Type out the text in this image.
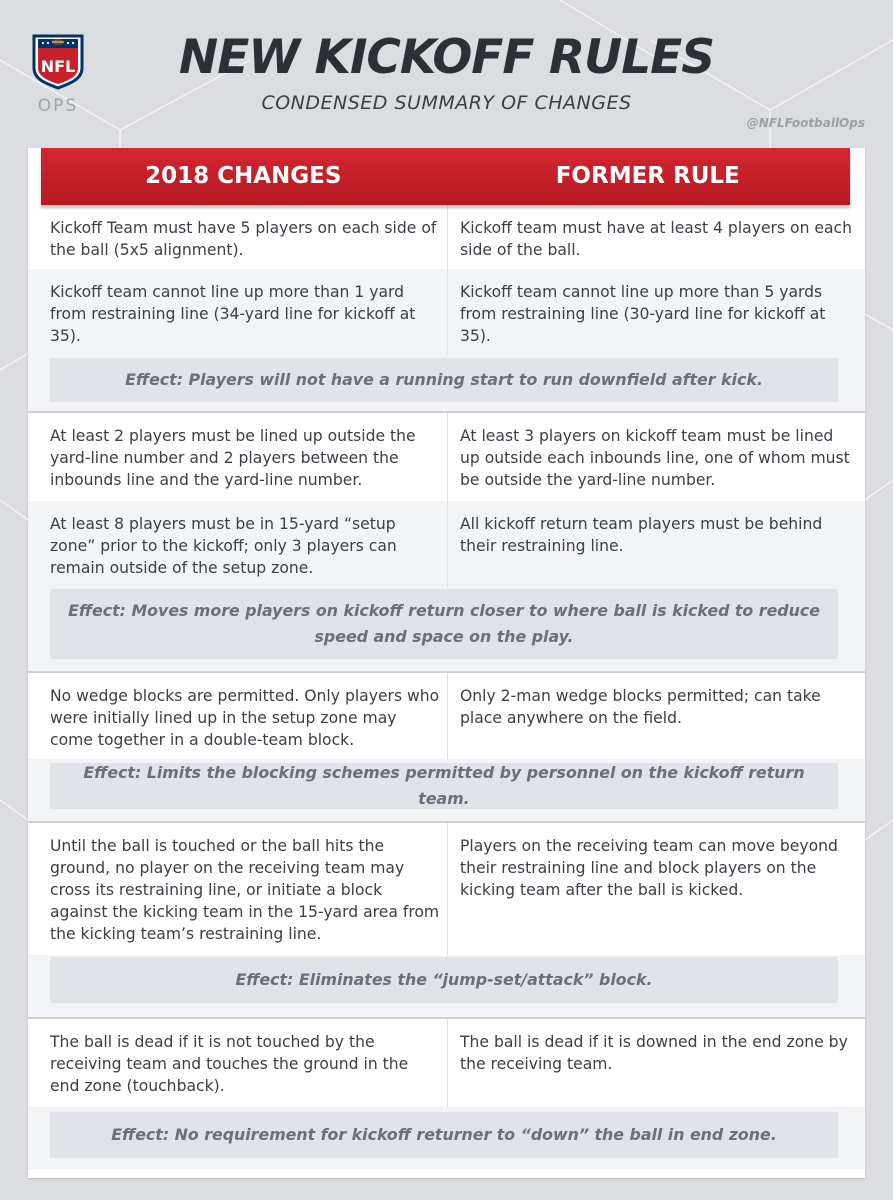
NFL
OPS
NEW KICKOFF RULES
CONDENSED SUMMARY OF CHANGES
@NFLFootballOps
Kickoff Team must have 5 players on each side of the ball (5x5 alignment).
Kickoff team must have at least 4 players on each side of the ball.
Kickoff team cannot line up more than 1 yard from restraining line (34-yard line for kickoff at 35).
Kickoff team cannot line up more than 5 yards from restraining line (30-yard line for kickoff at 35).
Effect: Players will not have a running start to run downfield after kick.
At least 2 players must be lined up outside the yard-line number and 2 players between the inbounds line and the yard-line number.
At least 3 players on kickoff team must be lined up outside each inbounds line, one of whom must be outside the yard-line number.
At least 8 players must be in 15-yard “setup zone” prior to the kickoff; only 3 players can remain outside of the setup zone.
All kickoff return team players must be behind their restraining line.
Effect: Moves more players on kickoff return closer to where ball is kicked to reduce speed and space on the play.
No wedge blocks are permitted. Only players who were initially lined up in the setup zone may come together in a double-team block.
Only 2-man wedge blocks permitted; can take place anywhere on the field.
Effect: Limits the blocking schemes permitted by personnel on the kickoff return team.
Until the ball is touched or the ball hits the ground, no player on the receiving team may cross its restraining line, or initiate a block against the kicking team in the 15-yard area from the kicking team’s restraining line.
Players on the receiving team can move beyond their restraining line and block players on the kicking team after the ball is kicked.
Effect: Eliminates the “jump-set/attack” block.
The ball is dead if it is not touched by the receiving team and touches the ground in the end zone (touchback).
The ball is dead if it is downed in the end zone by the receiving team.
Effect: No requirement for kickoff returner to “down” the ball in end zone.
2018 CHANGES	FORMER RULE
